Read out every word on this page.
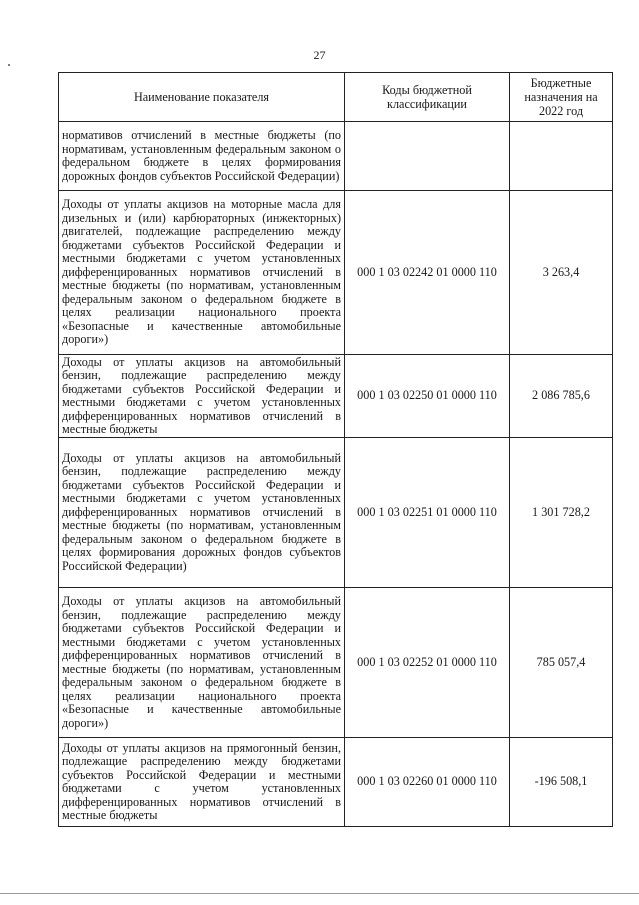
27
Наименование показателя	Коды бюджетной классификации	Бюджетные назначения на 2022 год
нормативов отчислений в местные бюджеты (по нормативам, установленным федеральным законом о федеральном бюджете в целях формирования дорожных фондов субъектов Российской Федерации)		
Доходы от уплаты акцизов на моторные масла для дизельных и (или) карбюраторных (инжекторных) двигателей, подлежащие распределению между бюджетами субъектов Российской Федерации и местными бюджетами с учетом установленных дифференцированных нормативов отчислений в местные бюджеты (по нормативам, установленным федеральным законом о федеральном бюджете в целях реализации национального проекта «Безопасные и качественные автомобильные дороги»)	000 1 03 02242 01 0000 110	3 263,4
Доходы от уплаты акцизов на автомобильный бензин, подлежащие распределению между бюджетами субъектов Российской Федерации и местными бюджетами с учетом установленных дифференцированных нормативов отчислений в местные бюджеты	000 1 03 02250 01 0000 110	2 086 785,6
Доходы от уплаты акцизов на автомобильный бензин, подлежащие распределению между бюджетами субъектов Российской Федерации и местными бюджетами с учетом установленных дифференцированных нормативов отчислений в местные бюджеты (по нормативам, установленным федеральным законом о федеральном бюджете в целях формирования дорожных фондов субъектов Российской Федерации)	000 1 03 02251 01 0000 110	1 301 728,2
Доходы от уплаты акцизов на автомобильный бензин, подлежащие распределению между бюджетами субъектов Российской Федерации и местными бюджетами с учетом установленных дифференцированных нормативов отчислений в местные бюджеты (по нормативам, установленным федеральным законом о федеральном бюджете в целях реализации национального проекта «Безопасные и качественные автомобильные дороги»)	000 1 03 02252 01 0000 110	785 057,4
Доходы от уплаты акцизов на прямогонный бензин, подлежащие распределению между бюджетами субъектов Российской Федерации и местными бюджетами с учетом установленных дифференцированных нормативов отчислений в местные бюджеты	000 1 03 02260 01 0000 110	-196 508,1
